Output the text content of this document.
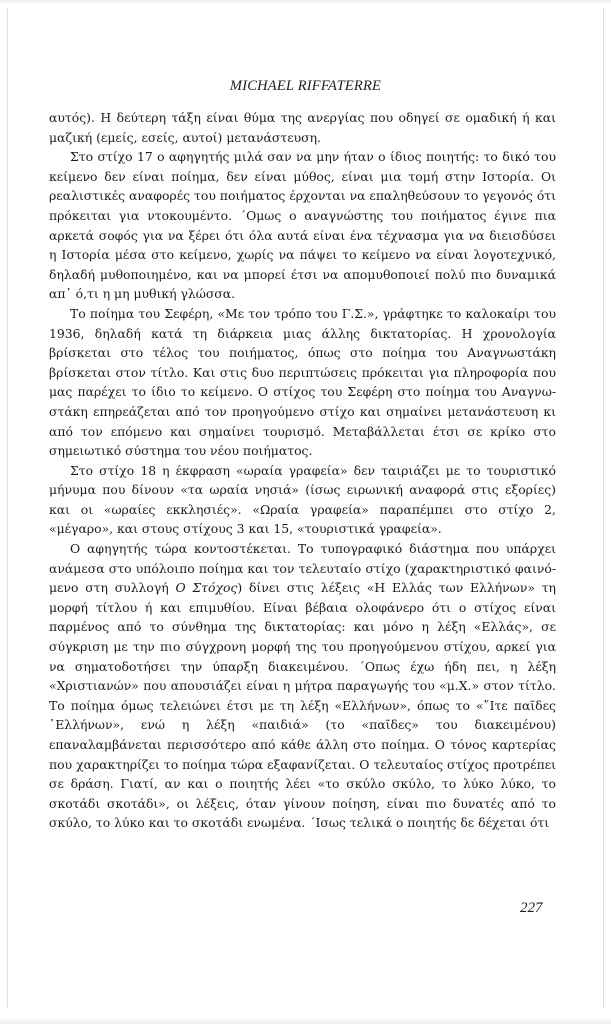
MICHAEL RIFFATERRE

αυτός). Η δεύτερη τάξη είναι θύμα της ανεργίας που οδηγεί σε ομαδική ή και μαζική (εμείς, εσείς, αυτοί) μετανάστευση.

Στο στίχο 17 ο αφηγητής μιλά σαν να μην ήταν ο ίδιος ποιητής: το δικό του κείμενο δεν είναι ποίημα, δεν είναι μύθος, είναι μια τομή στην Ιστορία. Οι ρεαλιστικές αναφορές του ποιήματος έρχονται να επαληθεύσουν το γεγονός ότι πρόκειται για ντοκουμέντο. ΄Ομως ο αναγνώστης του ποιήματος έγινε πια αρκετά σοφός για να ξέρει ότι όλα αυτά είναι ένα τέχνασμα για να διεισδύσει η Ιστορία μέσα στο κείμενο, χωρίς να πάψει το κείμενο να είναι λογοτεχνικό, δηλαδή μυθοποιημένο, και να μπορεί έτσι να απομυθοποιεί πολύ πιο δυναμικά απ᾿ ό,τι η μη μυθική γλώσσα.

Το ποίημα του Σεφέρη, «Με τον τρόπο του Γ.Σ.», γράφτηκε το καλοκαίρι του 1936, δηλαδή κατά τη διάρκεια μιας άλλης δικτατορίας. Η χρονολογία βρίσκεται στο τέλος του ποιήματος, όπως στο ποίημα του Αναγνωστάκη βρίσκεται στον τίτλο. Και στις δυο περιπτώσεις πρόκειται για πληροφορία που μας παρέχει το ίδιο το κείμενο. Ο στίχος του Σεφέρη στο ποίημα του Αναγνωστάκη επηρεάζεται από τον προηγούμενο στίχο και σημαίνει μετανάστευση κι από τον επόμενο και σημαίνει τουρισμό. Μεταβάλλεται έτσι σε κρίκο στο σημειωτικό σύστημα του νέου ποιήματος.

Στο στίχο 18 η έκφραση «ωραία γραφεία» δεν ταιριάζει με το τουριστικό μήνυμα που δίνουν «τα ωραία νησιά» (ίσως ειρωνική αναφορά στις εξορίες) και οι «ωραίες εκκλησιές». «Ωραία γραφεία» παραπέμπει στο στίχο 2, «μέγαρο», και στους στίχους 3 και 15, «τουριστικά γραφεία».

Ο αφηγητής τώρα κοντοστέκεται. Το τυπογραφικό διάστημα που υπάρχει ανάμεσα στο υπόλοιπο ποίημα και τον τελευταίο στίχο (χαρακτηριστικό φαινόμενο στη συλλογή Ο Στόχος) δίνει στις λέξεις «Η Ελλάς των Ελλήνων» τη μορφή τίτλου ή και επιμυθίου. Είναι βέβαια ολοφάνερο ότι ο στίχος είναι παρμένος από το σύνθημα της δικτατορίας: και μόνο η λέξη «Ελλάς», σε σύγκριση με την πιο σύγχρονη μορφή της του προηγούμενου στίχου, αρκεί για να σηματοδοτήσει την ύπαρξη διακειμένου. ΄Οπως έχω ήδη πει, η λέξη «Χριστιανών» που απουσιάζει είναι η μήτρα παραγωγής του «μ.Χ.» στον τίτλο. Το ποίημα όμως τελειώνει έτσι με τη λέξη «Ελλήνων», όπως το «῎Ιτε παῖδες ῾Ελλήνων», ενώ η λέξη «παιδιά» (το «παῖδες» του διακειμένου) επαναλαμβάνεται περισσότερο από κάθε άλλη στο ποίημα. Ο τόνος καρτερίας που χαρακτηρίζει το ποίημα τώρα εξαφανίζεται. Ο τελευταίος στίχος προτρέπει σε δράση. Γιατί, αν και ο ποιητής λέει «το σκύλο σκύλο, το λύκο λύκο, το σκοτάδι σκοτάδι», οι λέξεις, όταν γίνουν ποίηση, είναι πιο δυνατές από το σκύλο, το λύκο και το σκοτάδι ενωμένα. ΄Ισως τελικά ο ποιητής δε δέχεται ότι

227
